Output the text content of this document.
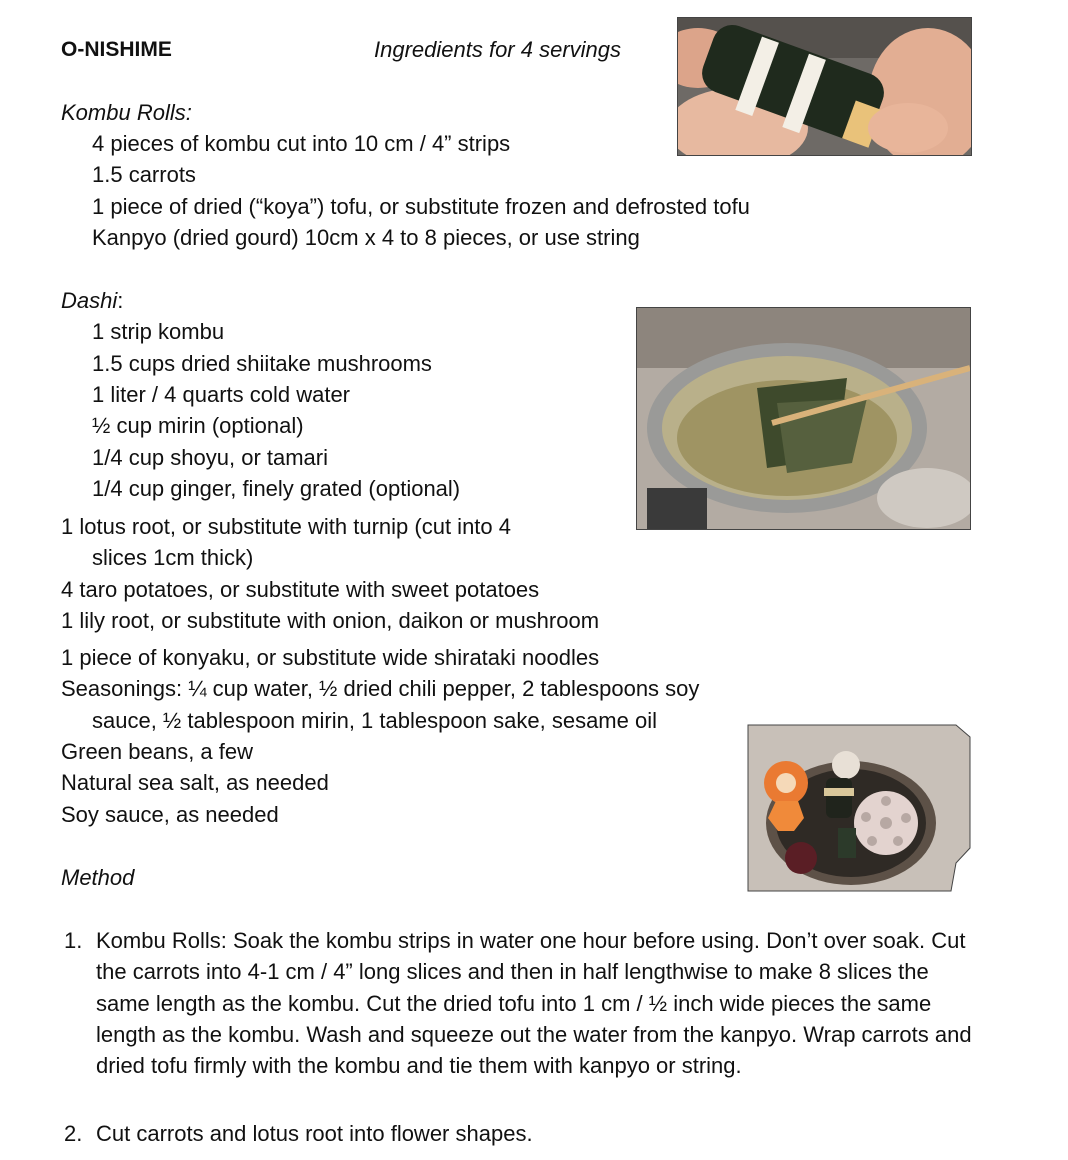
O-NISHIME	Ingredients for 4 servings
Kombu Rolls:
4 pieces of kombu cut into 10 cm / 4” strips
1.5 carrots
1 piece of dried (“koya”) tofu, or substitute frozen and defrosted tofu
Kanpyo (dried gourd) 10cm x 4 to 8 pieces, or use string
Dashi:
1 strip kombu
1.5 cups dried shiitake mushrooms
1 liter / 4 quarts cold water
½ cup mirin (optional)
1/4 cup shoyu, or tamari
1/4 cup ginger, finely grated (optional)
1 lotus root, or substitute with turnip (cut into 4
slices 1cm thick)
4 taro potatoes, or substitute with sweet potatoes
1 lily root, or substitute with onion, daikon or mushroom
1 piece of konyaku, or substitute wide shirataki noodles
Seasonings: ¼ cup water, ½ dried chili pepper, 2 tablespoons soy
sauce, ½ tablespoon mirin, 1 tablespoon sake, sesame oil
Green beans, a few
Natural sea salt, as needed
Soy sauce, as needed
Method
1. Kombu Rolls: Soak the kombu strips in water one hour before using. Don’t over soak. Cut the carrots into 4-1 cm / 4” long slices and then in half lengthwise to make 8 slices the same length as the kombu. Cut the dried tofu into 1 cm / ½ inch wide pieces the same length as the kombu. Wash and squeeze out the water from the kanpyo. Wrap carrots and dried tofu firmly with the kombu and tie them with kanpyo or string.
2. Cut carrots and lotus root into flower shapes.
